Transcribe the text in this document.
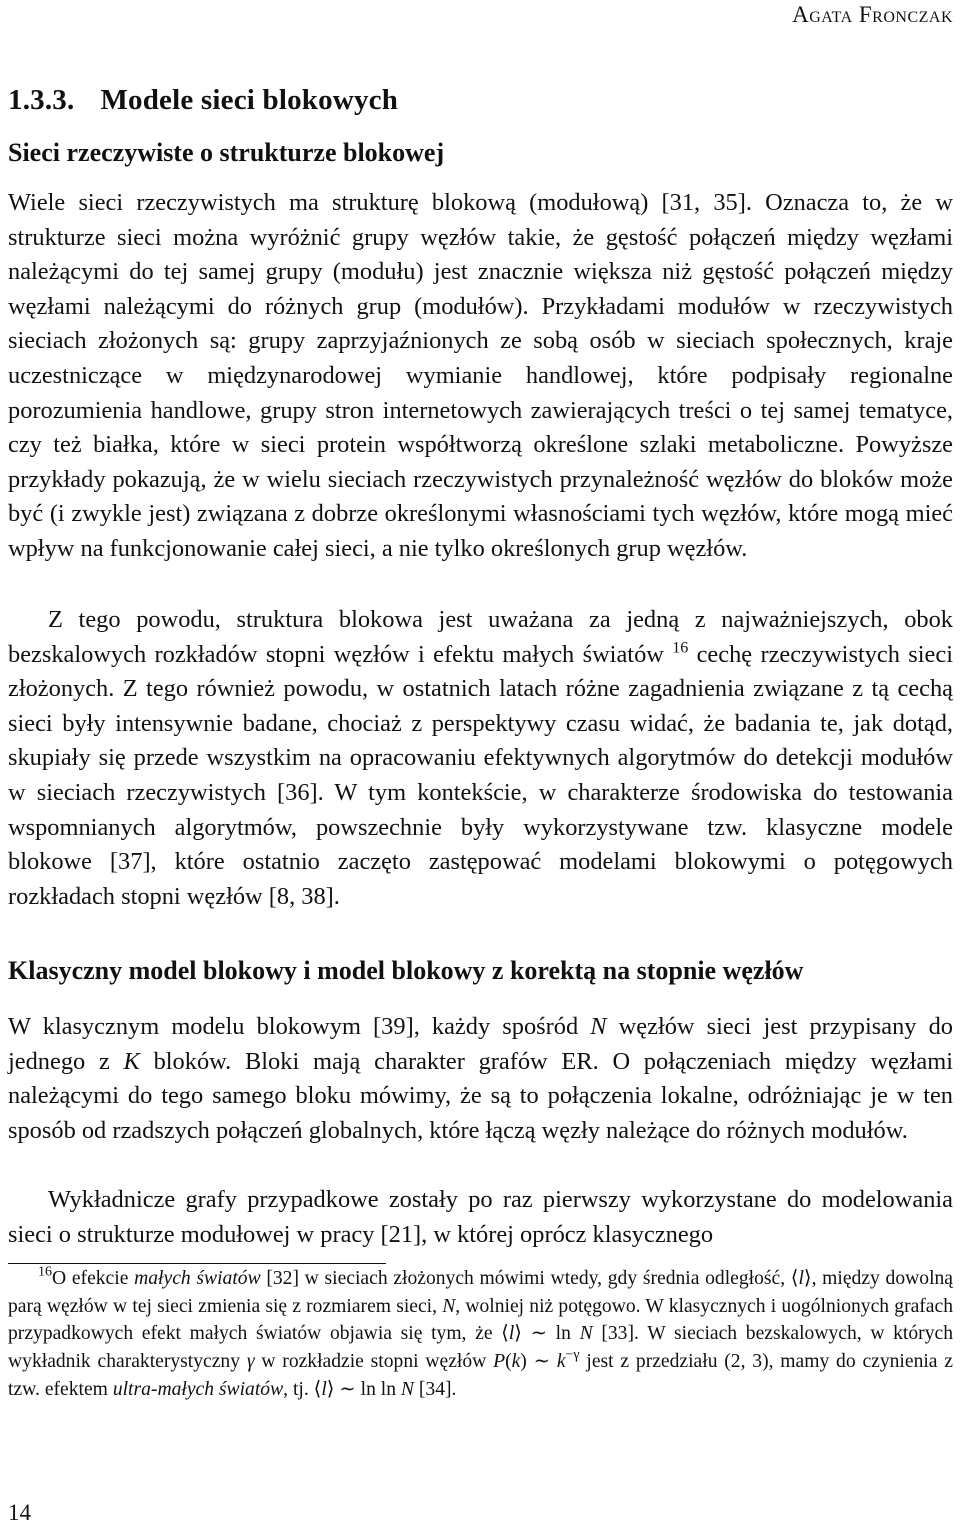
Agata Fronczak
1.3.3. Modele sieci blokowych
Sieci rzeczywiste o strukturze blokowej

Wiele sieci rzeczywistych ma strukturę blokową (modułową) [31, 35]. Oznacza to, że w strukturze sieci można wyróżnić grupy węzłów takie, że gęstość połączeń między węzłami należącymi do tej samej grupy (modułu) jest znacznie większa niż gęstość połączeń między węzłami należącymi do różnych grup (modułów). Przykładami modułów w rzeczywistych sieciach złożonych są: grupy zaprzyjaźnionych ze sobą osób w sieciach społecznych, kraje uczestniczące w międzynarodowej wymianie handlowej, które podpisały regionalne porozumienia handlowe, grupy stron internetowych zawierających treści o tej samej tematyce, czy też białka, które w sieci protein współtworzą określone szlaki metaboliczne. Powyższe przykłady pokazują, że w wielu sieciach rzeczywistych przynależność węzłów do bloków może być (i zwykle jest) związana z dobrze określonymi własnościami tych węzłów, które mogą mieć wpływ na funkcjonowanie całej sieci, a nie tylko określonych grup węzłów.

Z tego powodu, struktura blokowa jest uważana za jedną z najważniejszych, obok bezskalowych rozkładów stopni węzłów i efektu małych światów $^{16}$ cechę rzeczywistych sieci złożonych. Z tego również powodu, w ostatnich latach różne zagadnienia związane z tą cechą sieci były intensywnie badane, chociaż z perspektywy czasu widać, że badania te, jak dotąd, skupiały się przede wszystkim na opracowaniu efektywnych algorytmów do detekcji modułów w sieciach rzeczywistych [36]. W tym kontekście, w charakterze środowiska do testowania wspomnianych algorytmów, powszechnie były wykorzystywane tzw. klasyczne modele blokowe [37], które ostatnio zaczęto zastępować modelami blokowymi o potęgowych rozkładach stopni węzłów [8, 38].

Klasyczny model blokowy i model blokowy z korektą na stopnie węzłów

W klasycznym modelu blokowym [39], każdy spośród N węzłów sieci jest przypisany do jednego z K bloków. Bloki mają charakter grafów ER. O połączeniach między węzłami należącymi do tego samego bloku mówimy, że są to połączenia lokalne, odróżniając je w ten sposób od rzadszych połączeń globalnych, które łączą węzły należące do różnych modułów.

Wykładnicze grafy przypadkowe zostały po raz pierwszy wykorzystane do modelowania sieci o strukturze modułowej w pracy [21], w której oprócz klasycznego

$^{16}$O efekcie małych światów [32] w sieciach złożonych mówimi wtedy, gdy średnia odległość, ⟨l⟩, między dowolną parą węzłów w tej sieci zmienia się z rozmiarem sieci, N, wolniej niż potęgowo. W klasycznych i uogólnionych grafach przypadkowych efekt małych światów objawia się tym, że ⟨l⟩ ∼ ln N [33]. W sieciach bezskalowych, w których wykładnik charakterystyczny γ w rozkładzie stopni węzłów P(k) ∼ $k^{-\gamma}$ jest z przedziału (2, 3), mamy do czynienia z tzw. efektem ultra-małych światów, tj. ⟨l⟩ ∼ ln ln N [34].

14
